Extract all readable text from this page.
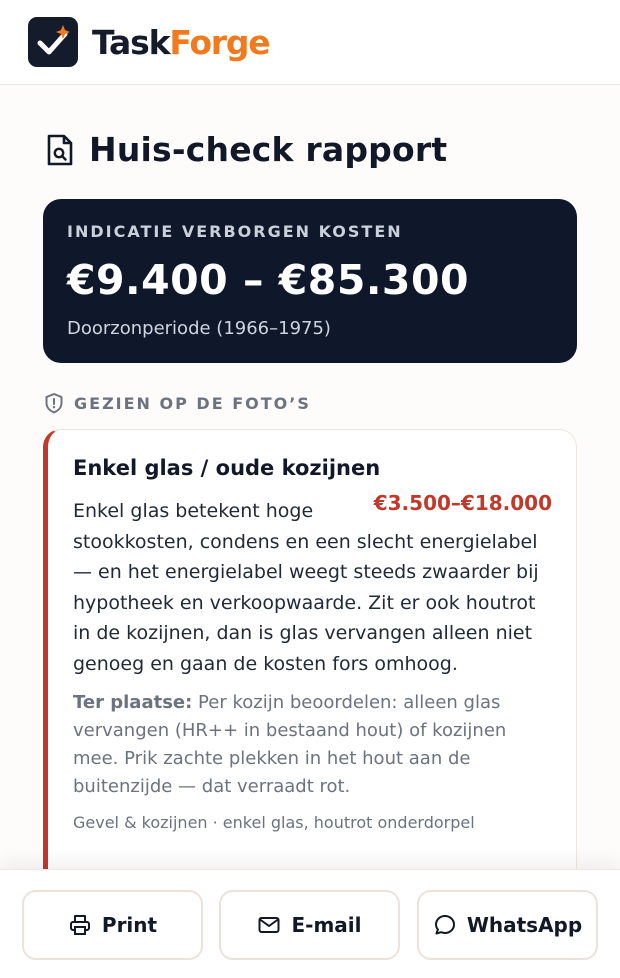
TaskForge
Huis-check rapport
INDICATIE VERBORGEN KOSTEN
€9.400 – €85.300
Doorzonperiode (1966–1975)
GEZIEN OP DE FOTO’S
Enkel glas / oude kozijnen
€3.500–€18.000
Enkel glas betekent hoge
stookkosten, condens en een slecht energielabel — en het energielabel weegt steeds zwaarder bij hypotheek en verkoopwaarde. Zit er ook houtrot in de kozijnen, dan is glas vervangen alleen niet genoeg en gaan de kosten fors omhoog.
Ter plaatse: Per kozijn beoordelen: alleen glas vervangen (HR++ in bestaand hout) of kozijnen mee. Prik zachte plekken in het hout aan de buitenzijde — dat verraadt rot.
Gevel & kozijnen · enkel glas, houtrot onderdorpel
Print	E-mail	WhatsApp
